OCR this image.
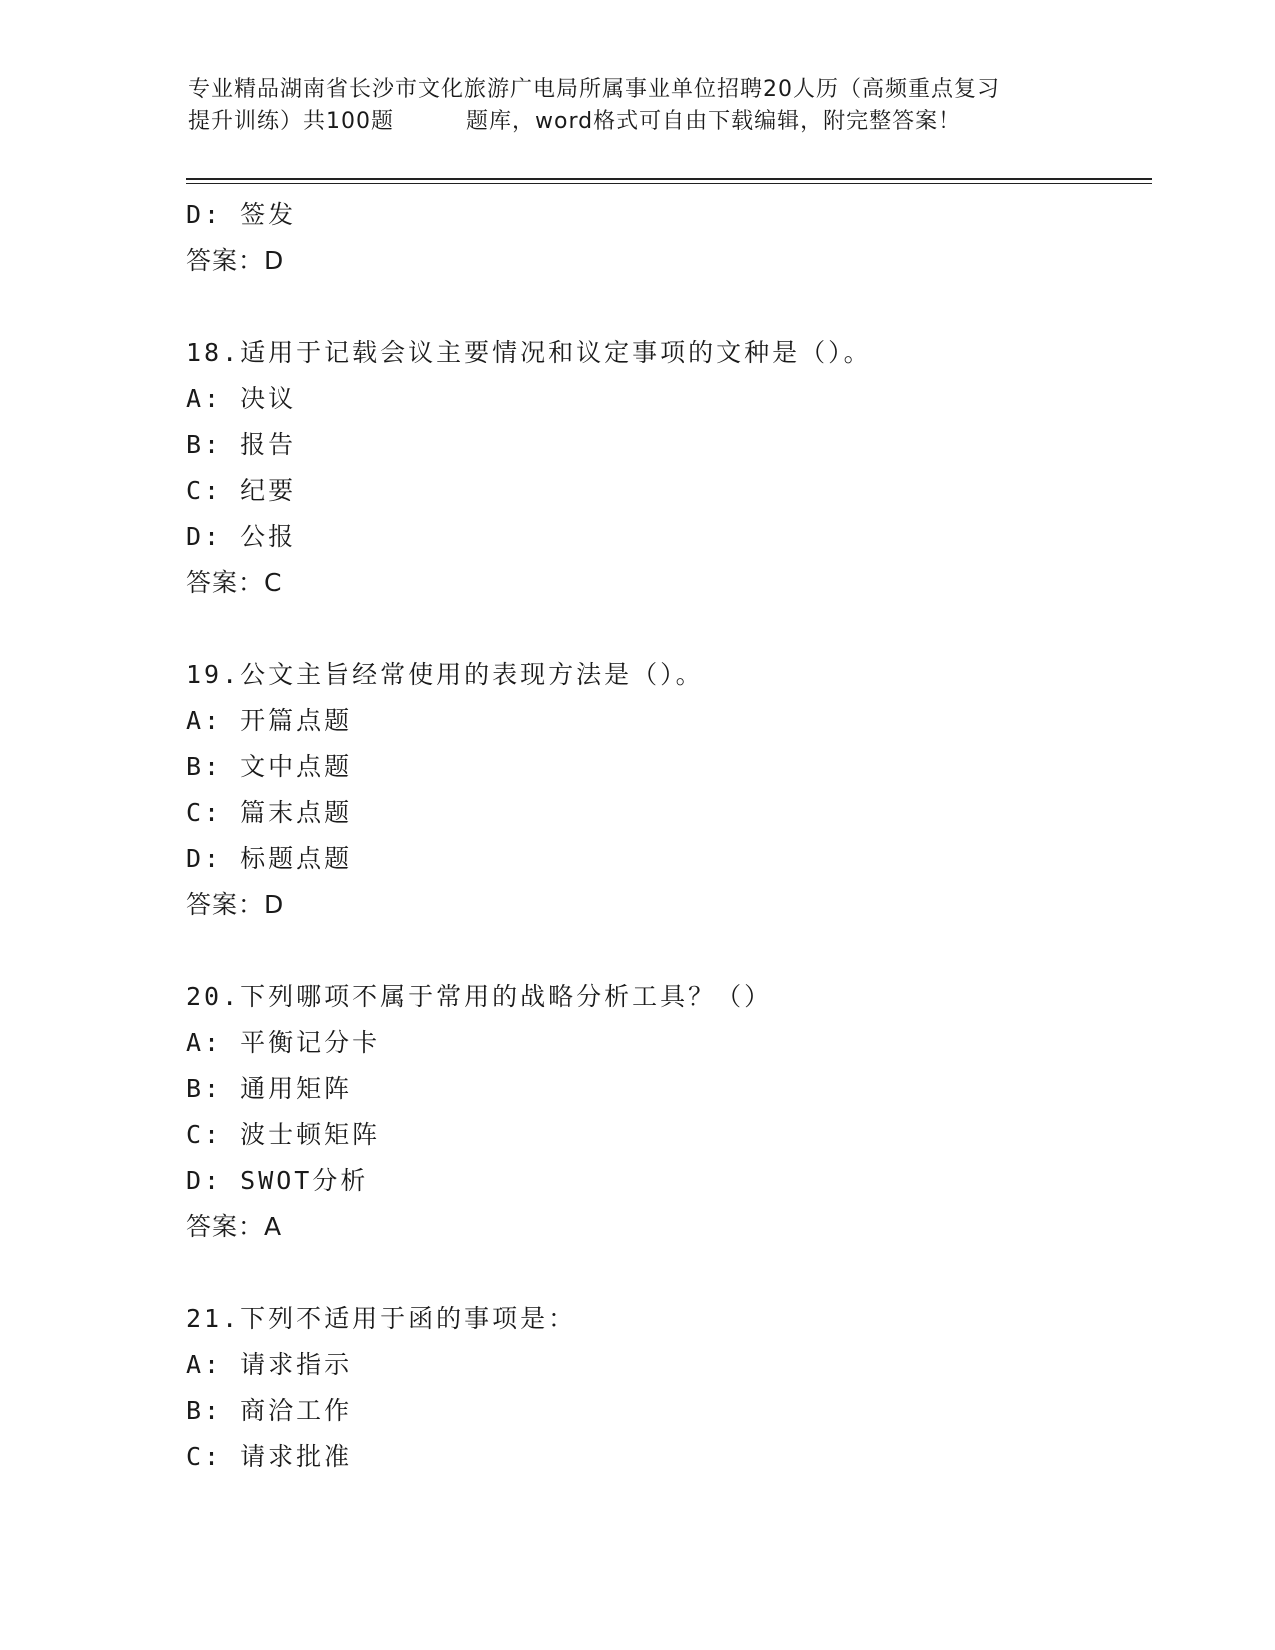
专业精品湖南省长沙市文化旅游广电局所属事业单位招聘20人历（高频重点复习
提升训练）共100题	题库，word格式可自由下载编辑，附完整答案！
D: 签发
答案：D
18.适用于记载会议主要情况和议定事项的文种是（）。
A: 决议
B: 报告
C: 纪要
D: 公报
答案：C
19.公文主旨经常使用的表现方法是（）。
A: 开篇点题
B: 文中点题
C: 篇末点题
D: 标题点题
答案：D
20.下列哪项不属于常用的战略分析工具？（）
A: 平衡记分卡
B: 通用矩阵
C: 波士顿矩阵
D: SWOT分析
答案：A
21.下列不适用于函的事项是：
A: 请求指示
B: 商洽工作
C: 请求批准
